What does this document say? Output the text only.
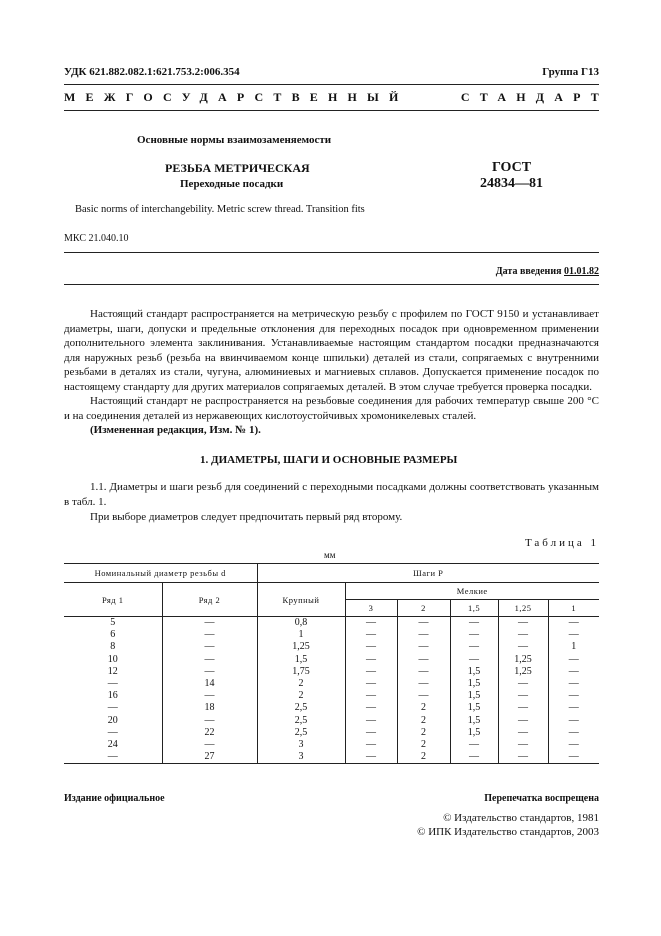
УДК 621.882.082.1:621.753.2:006.354	Группа Г13
МЕЖГОСУДАРСТВЕННЫЙ	СТАНДАРТ
Основные нормы взаимозаменяемости
РЕЗЬБА МЕТРИЧЕСКАЯ
Переходные посадки
ГОСТ
24834—81
Basic norms of interchangebility. Metric screw thread. Transition fits
МКС 21.040.10
Дата введения 01.01.82

Настоящий стандарт распространяется на метрическую резьбу с профилем по ГОСТ 9150 и устанавливает диаметры, шаги, допуски и предельные отклонения для переходных посадок при одновременном применении дополнительного элемента заклинивания. Устанавливаемые настоящим стандартом посадки предназначаются для наружных резьб (резьба на ввинчиваемом конце шпильки) деталей из стали, сопрягаемых с внутренними резьбами в деталях из стали, чугуна, алюминиевых и магниевых сплавов. Допускается применение посадок по настоящему стандарту для других материалов сопрягаемых деталей. В этом случае требуется проверка посадки.

Настоящий стандарт не распространяется на резьбовые соединения для рабочих температур свыше 200 °С и на соединения деталей из нержавеющих кислотоустойчивых хромоникелевых сталей.

(Измененная редакция, Изм. № 1).

1. ДИАМЕТРЫ, ШАГИ И ОСНОВНЫЕ РАЗМЕРЫ

1.1. Диаметры и шаги резьб для соединений с переходными посадками должны соответствовать указанным в табл. 1.

При выборе диаметров следует предпочитать первый ряд второму.

Таблица 1
мм
Номинальный диаметр резьбы d		Шаги P					
Ряд 1	Ряд 2	Крупный	Мелкие				
			3	2	1,5	1,25	1
5	—	0,8	—	—	—	—	—
6	—	1	—	—	—	—	—
8	—	1,25	—	—	—	—	1
10	—	1,5	—	—	—	1,25	—
12	—	1,75	—	—	1,5	1,25	—
—	14	2	—	—	1,5	—	—
16	—	2	—	—	1,5	—	—
—	18	2,5	—	2	1,5	—	—
20	—	2,5	—	2	1,5	—	—
—	22	2,5	—	2	1,5	—	—
24	—	3	—	2	—	—	—
—	27	3	—	2	—	—	—
Издание официальное	Перепечатка воспрещена
© Издательство стандартов, 1981
© ИПК Издательство стандартов, 2003
